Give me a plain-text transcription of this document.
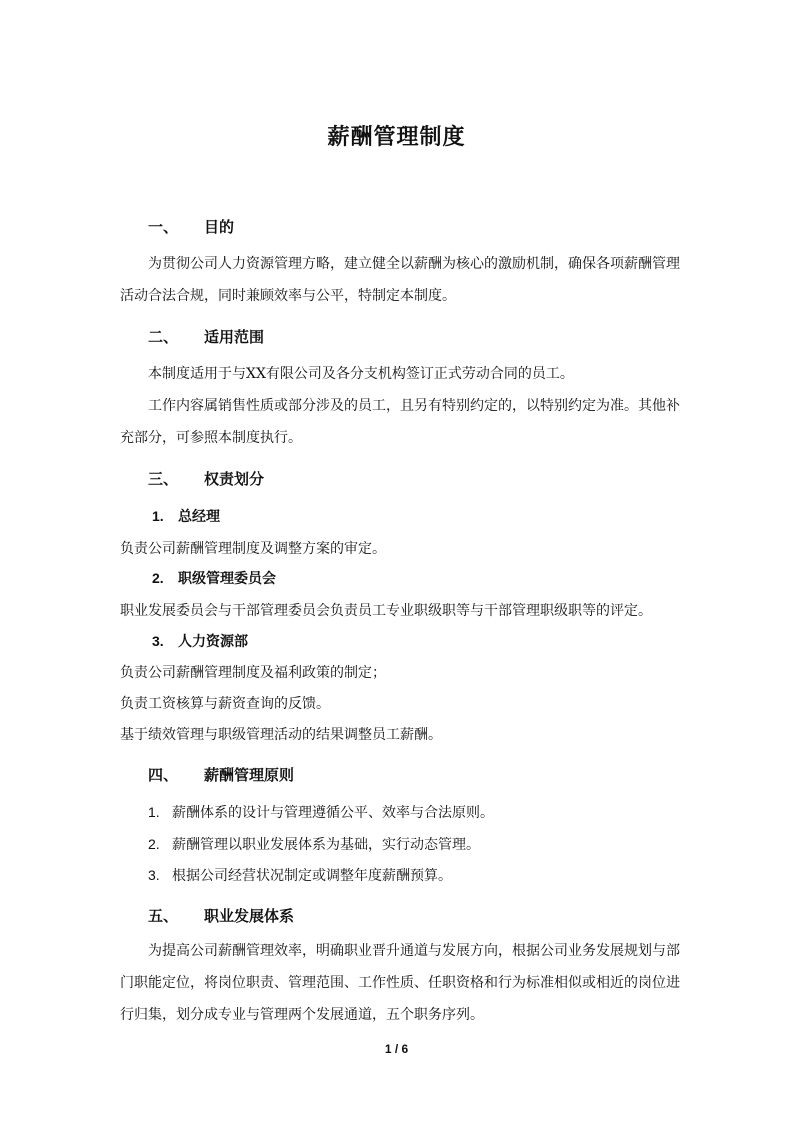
薪酬管理制度
一、 目的
为贯彻公司人力资源管理方略，建立健全以薪酬为核心的激励机制，确保各项薪酬管理
活动合法合规，同时兼顾效率与公平，特制定本制度。
二、 适用范围
本制度适用于与XX有限公司及各分支机构签订正式劳动合同的员工。
工作内容属销售性质或部分涉及的员工，且另有特别约定的，以特别约定为准。其他补
充部分，可参照本制度执行。
三、 权责划分
1. 总经理
负责公司薪酬管理制度及调整方案的审定。
2. 职级管理委员会
职业发展委员会与干部管理委员会负责员工专业职级职等与干部管理职级职等的评定。
3. 人力资源部
负责公司薪酬管理制度及福利政策的制定；
负责工资核算与薪资查询的反馈。
基于绩效管理与职级管理活动的结果调整员工薪酬。
四、 薪酬管理原则
1. 薪酬体系的设计与管理遵循公平、效率与合法原则。
2. 薪酬管理以职业发展体系为基础，实行动态管理。
3. 根据公司经营状况制定或调整年度薪酬预算。
五、 职业发展体系
为提高公司薪酬管理效率，明确职业晋升通道与发展方向，根据公司业务发展规划与部
门职能定位，将岗位职责、管理范围、工作性质、任职资格和行为标准相似或相近的岗位进
行归集，划分成专业与管理两个发展通道，五个职务序列。
1 / 6
